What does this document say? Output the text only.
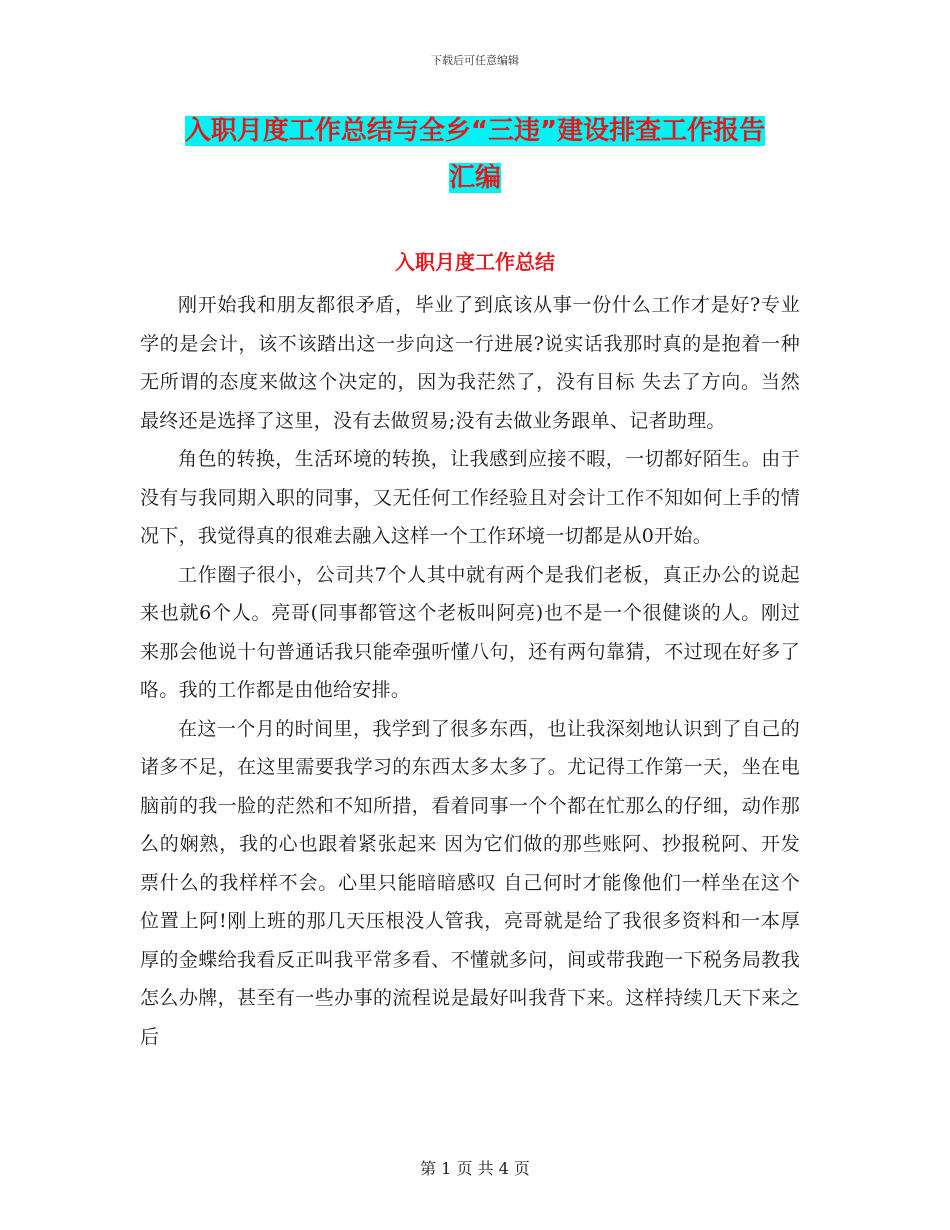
下载后可任意编辑
入职月度工作总结与全乡“三违”建设排查工作报告
汇编
入职月度工作总结

刚开始我和朋友都很矛盾，毕业了到底该从事一份什么工作才是好?专业学的是会计，该不该踏出这一步向这一行进展?说实话我那时真的是抱着一种无所谓的态度来做这个决定的，因为我茫然了，没有目标 失去了方向。当然最终还是选择了这里，没有去做贸易;没有去做业务跟单、记者助理。

角色的转换，生活环境的转换，让我感到应接不暇，一切都好陌生。由于没有与我同期入职的同事，又无任何工作经验且对会计工作不知如何上手的情况下，我觉得真的很难去融入这样一个工作环境一切都是从0开始。

工作圈子很小，公司共7个人其中就有两个是我们老板，真正办公的说起来也就6个人。亮哥(同事都管这个老板叫阿亮)也不是一个很健谈的人。刚过来那会他说十句普通话我只能牵强听懂八句，还有两句靠猜，不过现在好多了咯。我的工作都是由他给安排。

在这一个月的时间里，我学到了很多东西，也让我深刻地认识到了自己的诸多不足，在这里需要我学习的东西太多太多了。尤记得工作第一天，坐在电脑前的我一脸的茫然和不知所措，看着同事一个个都在忙那么的仔细，动作那么的娴熟，我的心也跟着紧张起来 因为它们做的那些账阿、抄报税阿、开发票什么的我样样不会。心里只能暗暗感叹 自己何时才能像他们一样坐在这个位置上阿!刚上班的那几天压根没人管我，亮哥就是给了我很多资料和一本厚厚的金蝶给我看反正叫我平常多看、不懂就多问，间或带我跑一下税务局教我怎么办牌，甚至有一些办事的流程说是最好叫我背下来。这样持续几天下来之后

第 1 页 共 4 页
